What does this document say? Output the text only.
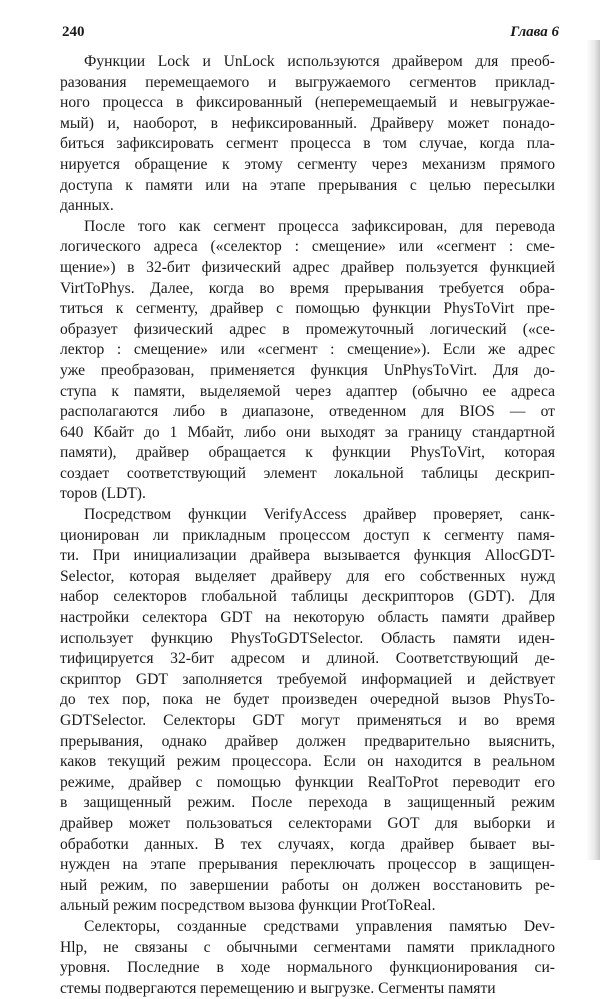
240	Глава 6
Функции Lock и UnLock используются драйвером для преоб-
разования перемещаемого и выгружаемого сегментов приклад-
ного процесса в фиксированный (неперемещаемый и невыгружае-
мый) и, наоборот, в нефиксированный. Драйверу может понадо-
биться зафиксировать сегмент процесса в том случае, когда пла-
нируется обращение к этому сегменту через механизм прямого
доступа к памяти или на этапе прерывания с целью пересылки
данных.
После того как сегмент процесса зафиксирован, для перевода
логического адреса («селектор : смещение» или «сегмент : сме-
щение») в 32-бит физический адрес драйвер пользуется функцией
VirtToPhys. Далее, когда во время прерывания требуется обра-
титься к сегменту, драйвер с помощью функции PhysToVirt пре-
образует физический адрес в промежуточный логический («се-
лектор : смещение» или «сегмент : смещение»). Если же адрес
уже преобразован, применяется функция UnPhysToVirt. Для до-
ступа к памяти, выделяемой через адаптер (обычно ее адреса
располагаются либо в диапазоне, отведенном для BIOS — от
640 Кбайт до 1 Мбайт, либо они выходят за границу стандартной
памяти), драйвер обращается к функции PhysToVirt, которая
создает соответствующий элемент локальной таблицы дескрип-
торов (LDT).
Посредством функции VerifyAccess драйвер проверяет, санк-
ционирован ли прикладным процессом доступ к сегменту памя-
ти. При инициализации драйвера вызывается функция AllocGDT-
Selector, которая выделяет драйверу для его собственных нужд
набор селекторов глобальной таблицы дескрипторов (GDT). Для
настройки селектора GDT на некоторую область памяти драйвер
использует функцию PhysToGDTSelector. Область памяти иден-
тифицируется 32-бит адресом и длиной. Соответствующий де-
скриптор GDT заполняется требуемой информацией и действует
до тех пор, пока не будет произведен очередной вызов PhysTo-
GDTSelector. Селекторы GDT могут применяться и во время
прерывания, однако драйвер должен предварительно выяснить,
каков текущий режим процессора. Если он находится в реальном
режиме, драйвер с помощью функции RealToProt переводит его
в защищенный режим. После перехода в защищенный режим
драйвер может пользоваться селекторами GOT для выборки и
обработки данных. В тех случаях, когда драйвер бывает вы-
нужден на этапе прерывания переключать процессор в защищен-
ный режим, по завершении работы он должен восстановить ре-
альный режим посредством вызова функции ProtToReal.
Селекторы, созданные средствами управления памятью Dev-
Hlp, не связаны с обычными сегментами памяти прикладного
уровня. Последние в ходе нормального функционирования си-
стемы подвергаются перемещению и выгрузке. Сегменты памяти
